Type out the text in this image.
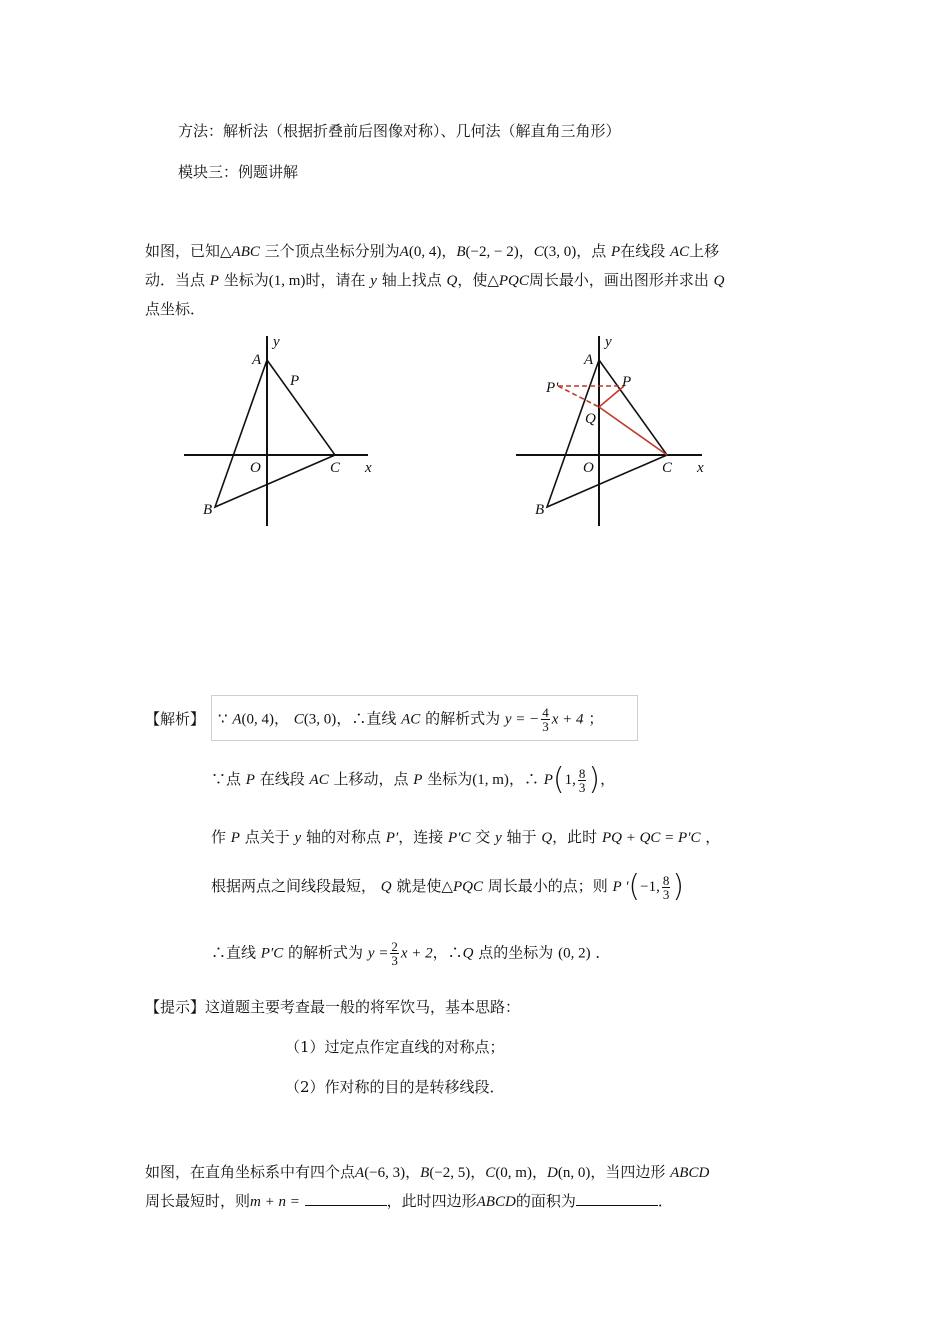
方法：解析法（根据折叠前后图像对称）、几何法（解直角三角形）
模块三：例题讲解
如图，已知△ABC 三个顶点坐标分别为A(0, 4)，B(−2, − 2)，C(3, 0)，点 P在线段 AC上移
动．当点 P 坐标为(1, m)时，请在 y 轴上找点 Q，使△PQC周长最小，画出图形并求出 Q
点坐标．
A
y
P
O	C x
B
A
y
P
P'
Q
O	C x
B
【解析】 ∵ A(0, 4)， C(3, 0)，∴直线 AC 的解析式为 y = − $\frac{4}{3}$ x + 4 ；
∵点 P 在线段 AC 上移动，点 P 坐标为(1, m)，∴ P(1, $\frac{8}{3}$ )，
作 P 点关于 y 轴的对称点 P′，连接 P′C 交 y 轴于 Q，此时 PQ + QC = P′C ，
根据两点之间线段最短， Q 就是使△PQC 周长最小的点；则 P '(−1, $\frac{8}{3}$ )
∴直线 P′C 的解析式为 $y = \frac{2}{3}$ x + 2，∴Q 点的坐标为 (0, 2) ．
【提示】这道题主要考查最一般的将军饮马，基本思路：
（1）过定点作定直线的对称点；
（2）作对称的目的是转移线段．
如图，在直角坐标系中有四个点A(−6, 3)，B(−2, 5)，C(0, m)，D(n, 0)，当四边形 ABCD
周长最短时，则m + n =	，此时四边形ABCD的面积为	．
